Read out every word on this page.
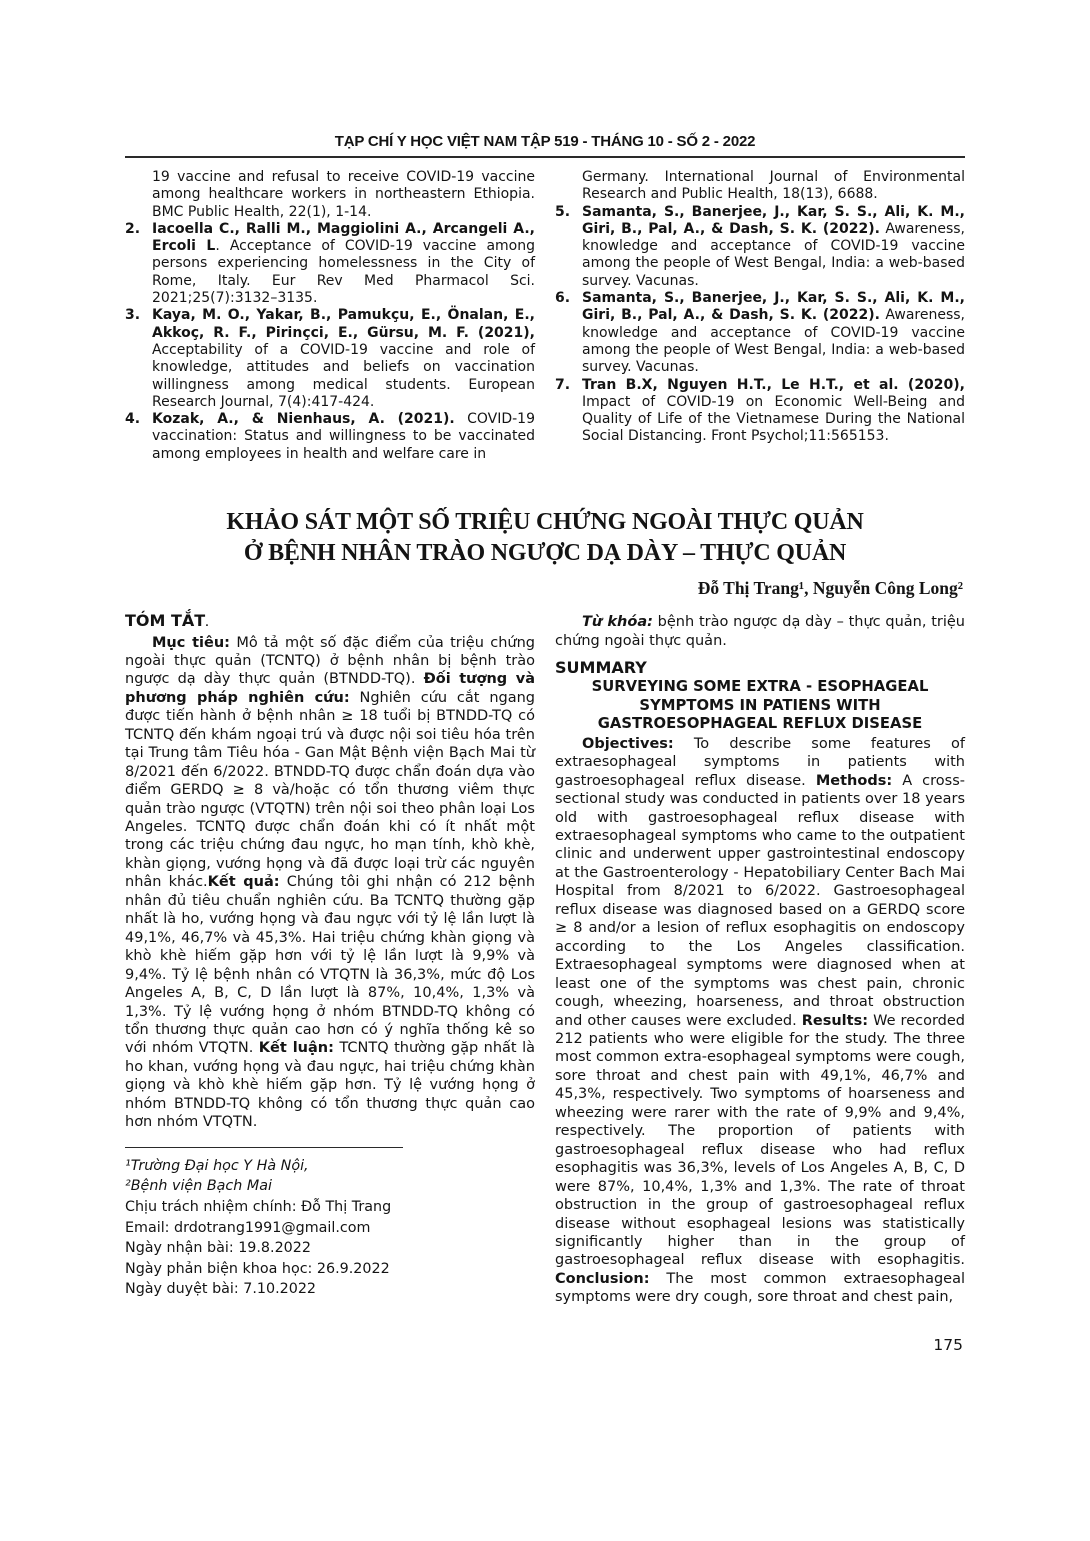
TẠP CHÍ Y HỌC VIỆT NAM TẬP 519 - THÁNG 10 - SỐ 2 - 2022
19 vaccine and refusal to receive COVID-19 vaccine among healthcare workers in northeastern Ethiopia. BMC Public Health, 22(1), 1-14.
2. Iacoella C., Ralli M., Maggiolini A., Arcangeli A., Ercoli L. Acceptance of COVID-19 vaccine among persons experiencing homelessness in the City of Rome, Italy. Eur Rev Med Pharmacol Sci. 2021;25(7):3132–3135.
3. Kaya, M. O., Yakar, B., Pamukçu, E., Önalan, E., Akkoç, R. F., Pirinçci, E., Gürsu, M. F. (2021), Acceptability of a COVID-19 vaccine and role of knowledge, attitudes and beliefs on vaccination willingness among medical students. European Research Journal, 7(4):417-424.
4. Kozak, A., & Nienhaus, A. (2021). COVID-19 vaccination: Status and willingness to be vaccinated among employees in health and welfare care in
Germany. International Journal of Environmental Research and Public Health, 18(13), 6688.
5. Samanta, S., Banerjee, J., Kar, S. S., Ali, K. M., Giri, B., Pal, A., & Dash, S. K. (2022). Awareness, knowledge and acceptance of COVID-19 vaccine among the people of West Bengal, India: a web-based survey. Vacunas.
6. Samanta, S., Banerjee, J., Kar, S. S., Ali, K. M., Giri, B., Pal, A., & Dash, S. K. (2022). Awareness, knowledge and acceptance of COVID-19 vaccine among the people of West Bengal, India: a web-based survey. Vacunas.
7. Tran B.X, Nguyen H.T., Le H.T., et al. (2020), Impact of COVID-19 on Economic Well-Being and Quality of Life of the Vietnamese During the National Social Distancing. Front Psychol;11:565153.
KHẢO SÁT MỘT SỐ TRIỆU CHỨNG NGOÀI THỰC QUẢN
Ở BỆNH NHÂN TRÀO NGƯỢC DẠ DÀY – THỰC QUẢN
Đỗ Thị Trang¹, Nguyễn Công Long²
TÓM TẮT.

Mục tiêu: Mô tả một số đặc điểm của triệu chứng ngoài thực quản (TCNTQ) ở bệnh nhân bị bệnh trào ngược dạ dày thực quản (BTNDD-TQ). Đối tượng và phương pháp nghiên cứu: Nghiên cứu cắt ngang được tiến hành ở bệnh nhân ≥ 18 tuổi bị BTNDD-TQ có TCNTQ đến khám ngoại trú và được nội soi tiêu hóa trên tại Trung tâm Tiêu hóa - Gan Mật Bệnh viện Bạch Mai từ 8/2021 đến 6/2022. BTNDD-TQ được chẩn đoán dựa vào điểm GERDQ ≥ 8 và/hoặc có tổn thương viêm thực quản trào ngược (VTQTN) trên nội soi theo phân loại Los Angeles. TCNTQ được chẩn đoán khi có ít nhất một trong các triệu chứng đau ngực, ho mạn tính, khò khè, khàn giọng, vướng họng và đã được loại trừ các nguyên nhân khác.Kết quả: Chúng tôi ghi nhận có 212 bệnh nhân đủ tiêu chuẩn nghiên cứu. Ba TCNTQ thường gặp nhất là ho, vướng họng và đau ngực với tỷ lệ lần lượt là 49,1%, 46,7% và 45,3%. Hai triệu chứng khàn giọng và khò khè hiếm gặp hơn với tỷ lệ lần lượt là 9,9% và 9,4%. Tỷ lệ bệnh nhân có VTQTN là 36,3%, mức độ Los Angeles A, B, C, D lần lượt là 87%, 10,4%, 1,3% và 1,3%. Tỷ lệ vướng họng ở nhóm BTNDD-TQ không có tổn thương thực quản cao hơn có ý nghĩa thống kê so với nhóm VTQTN. Kết luận: TCNTQ thường gặp nhất là ho khan, vướng họng và đau ngực, hai triệu chứng khàn giọng và khò khè hiếm gặp hơn. Tỷ lệ vướng họng ở nhóm BTNDD-TQ không có tổn thương thực quản cao hơn nhóm VTQTN.

¹Trường Đại học Y Hà Nội,
²Bệnh viện Bạch Mai
Chịu trách nhiệm chính: Đỗ Thị Trang
Email: drdotrang1991@gmail.com
Ngày nhận bài: 19.8.2022
Ngày phản biện khoa học: 26.9.2022
Ngày duyệt bài: 7.10.2022

Từ khóa: bệnh trào ngược dạ dày – thực quản, triệu chứng ngoài thực quản.

SUMMARY
SURVEYING SOME EXTRA - ESOPHAGEAL SYMPTOMS IN PATIENS WITH GASTROESOPHAGEAL REFLUX DISEASE

Objectives: To describe some features of extraesophageal symptoms in patients with gastroesophageal reflux disease. Methods: A cross-sectional study was conducted in patients over 18 years old with gastroesophageal reflux disease with extraesophageal symptoms who came to the outpatient clinic and underwent upper gastrointestinal endoscopy at the Gastroenterology - Hepatobiliary Center Bach Mai Hospital from 8/2021 to 6/2022. Gastroesophageal reflux disease was diagnosed based on a GERDQ score ≥ 8 and/or a lesion of reflux esophagitis on endoscopy according to the Los Angeles classification. Extraesophageal symptoms were diagnosed when at least one of the symptoms was chest pain, chronic cough, wheezing, hoarseness, and throat obstruction and other causes were excluded. Results: We recorded 212 patients who were eligible for the study. The three most common extra-esophageal symptoms were cough, sore throat and chest pain with 49,1%, 46,7% and 45,3%, respectively. Two symptoms of hoarseness and wheezing were rarer with the rate of 9,9% and 9,4%, respectively. The proportion of patients with gastroesophageal reflux disease who had reflux esophagitis was 36,3%, levels of Los Angeles A, B, C, D were 87%, 10,4%, 1,3% and 1,3%. The rate of throat obstruction in the group of gastroesophageal reflux disease without esophageal lesions was statistically significantly higher than in the group of gastroesophageal reflux disease with esophagitis. Conclusion: The most common extraesophageal symptoms were dry cough, sore throat and chest pain,

175
